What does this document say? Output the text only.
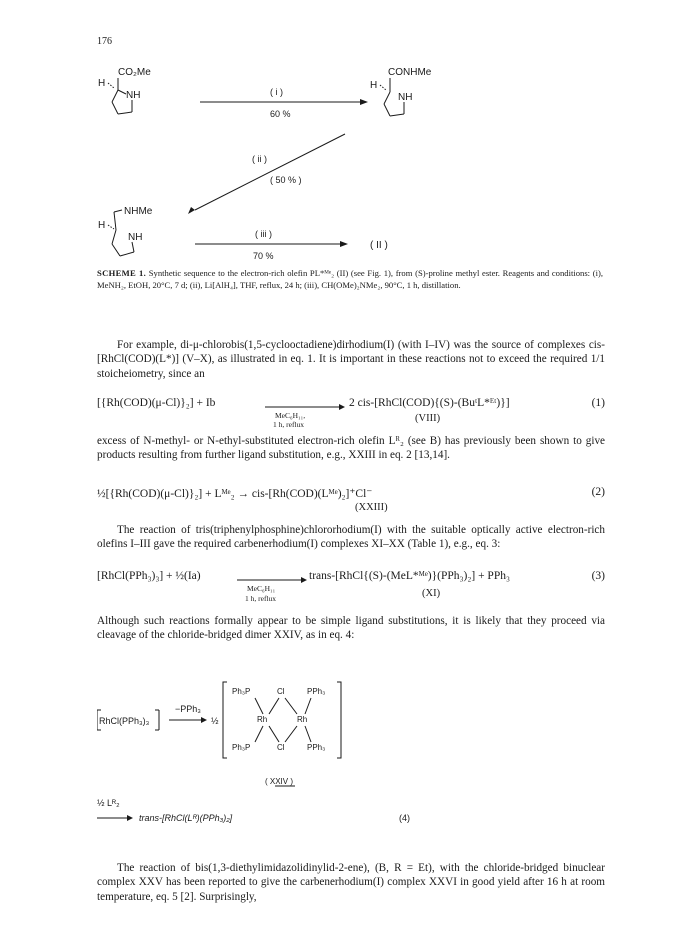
176
CO₂Me
H
NH	( i )
60 %
CONHMe
H
NH
( ii )
( 50 % )
NHMe
H
NH	( iii )
70 %
( II )
SCHEME 1. Synthetic sequence to the electron-rich olefin PL*ᴹᵉ₂ (II) (see Fig. 1), from (S)-proline methyl ester. Reagents and conditions: (i), MeNH₂, EtOH, 20°C, 7 d; (ii), Li[AlH₄], THF, reflux, 24 h; (iii), CH(OMe)₂NMe₂, 90°C, 1 h, distillation.
For example, di-μ-chlorobis(1,5-cyclooctadiene)dirhodium(I) (with I–IV) was the source of complexes cis-[RhCl(COD)(L*)] (V–X), as illustrated in eq. 1. It is important in these reactions not to exceed the required 1/1 stoicheiometry, since an
[{Rh(COD)(μ-Cl)}₂] + Ib
MeC₆H₁₁,
1 h, reflux
2 cis-[RhCl(COD){(S)-(BuᵗL*ᴱᵗ)}]
(VIII)
(1)
excess of N-methyl- or N-ethyl-substituted electron-rich olefin Lᴿ₂ (see B) has previously been shown to give products resulting from further ligand substitution, e.g., XXIII in eq. 2 [13,14].
½[{Rh(COD)(μ-Cl)}₂] + Lᴹᵉ₂ → cis-[Rh(COD)(Lᴹᵉ)₂]⁺Cl⁻
(XXIII)
(2)
The reaction of tris(triphenylphosphine)chlororhodium(I) with the suitable optically active electron-rich olefins I–III gave the required carbenerhodium(I) complexes XI–XX (Table 1), e.g., eq. 3:
[RhCl(PPh₃)₃] + ½(Ia)
MeC₆H₁₁
1 h, reflux
trans-[RhCl{(S)-(MeL*ᴹᵉ)}(PPh₃)₂] + PPh₃
(XI)
(3)
Although such reactions formally appear to be simple ligand substitutions, it is likely that they proceed via cleavage of the chloride-bridged dimer XXIV, as in eq. 4:
RhCl(PPh₃)₃
−PPh₃
½
Ph₃P	Cl	PPh₃
Rh	Rh
Ph₃P	Cl	PPh₃
( XXIV )
½ Lᴿ₂
trans-[RhCl(Lᴿ)(PPh₃)₂]	(4)
The reaction of bis(1,3-diethylimidazolidinylid-2-ene), (B, R = Et), with the chloride-bridged binuclear complex XXV has been reported to give the carbenerhodium(I) complex XXVI in good yield after 16 h at room temperature, eq. 5 [2]. Surprisingly,
